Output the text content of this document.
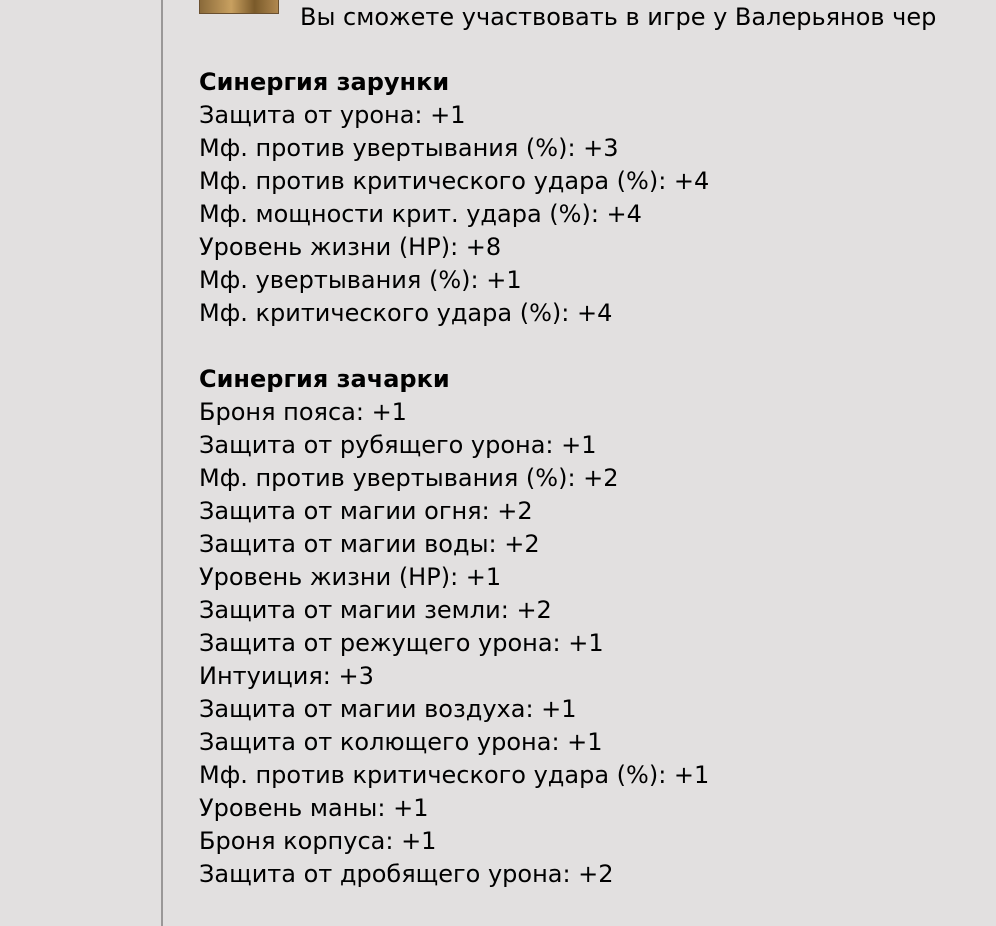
Вы сможете участвовать в игре у Валерьянов чер
Синергия зарунки
Защита от урона: +1
Мф. против увертывания (%): +3
Мф. против критического удара (%): +4
Мф. мощности крит. удара (%): +4
Уровень жизни (HP): +8
Мф. увертывания (%): +1
Мф. критического удара (%): +4
Синергия зачарки
Броня пояса: +1
Защита от рубящего урона: +1
Мф. против увертывания (%): +2
Защита от магии огня: +2
Защита от магии воды: +2
Уровень жизни (HP): +1
Защита от магии земли: +2
Защита от режущего урона: +1
Интуиция: +3
Защита от магии воздуха: +1
Защита от колющего урона: +1
Мф. против критического удара (%): +1
Уровень маны: +1
Броня корпуса: +1
Защита от дробящего урона: +2
